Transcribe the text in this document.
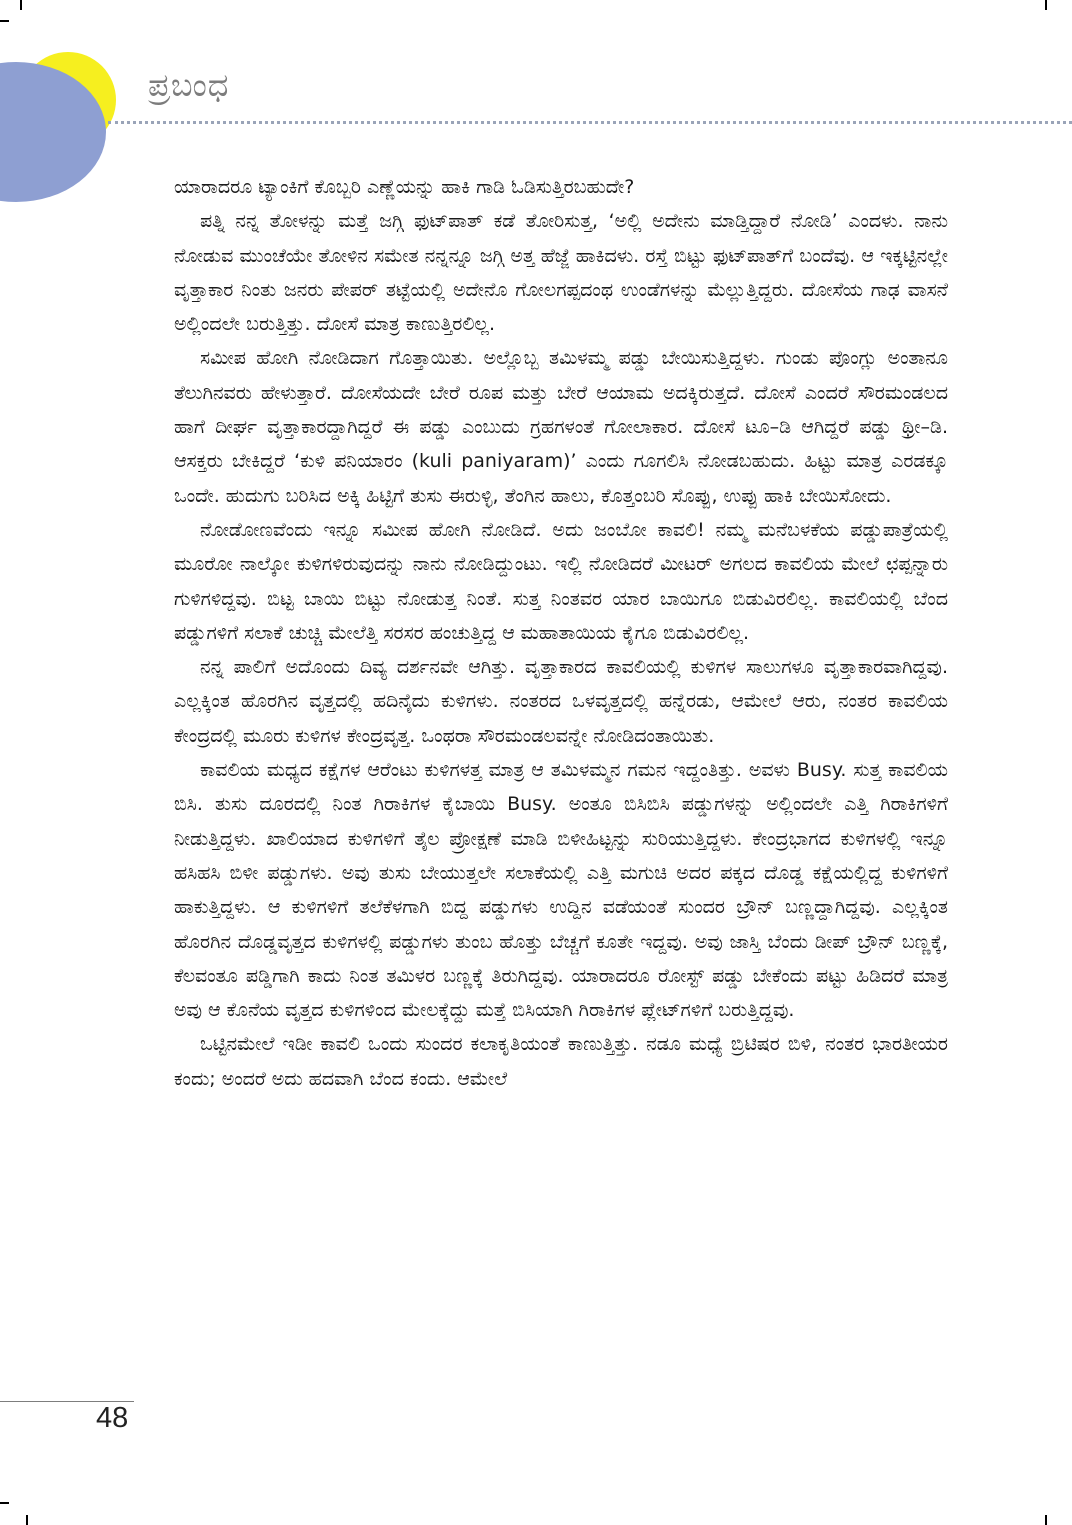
ಪ್ರಬಂಧ

ಯಾರಾದರೂ ಟ್ಯಾಂಕಿಗೆ ಕೊಬ್ಬರಿ ಎಣ್ಣೆಯನ್ನು ಹಾಕಿ ಗಾಡಿ ಓಡಿಸುತ್ತಿರಬಹುದೇ?

ಪತ್ನಿ ನನ್ನ ತೋಳನ್ನು ಮತ್ತೆ ಜಗ್ಗಿ ಫುಟ್‌ಪಾತ್ ಕಡೆ ತೋರಿಸುತ್ತ, ‘ಅಲ್ಲಿ ಅದೇನು ಮಾಡ್ತಿದ್ದಾರೆ ನೋಡಿ’ ಎಂದಳು. ನಾನು ನೋಡುವ ಮುಂಚೆಯೇ ತೋಳಿನ ಸಮೇತ ನನ್ನನ್ನೂ ಜಗ್ಗಿ ಅತ್ತ ಹೆಜ್ಜೆ ಹಾಕಿದಳು. ರಸ್ತೆ ಬಿಟ್ಟು ಫುಟ್‌ಪಾತ್‌ಗೆ ಬಂದೆವು. ಆ ಇಕ್ಕಟ್ಟಿನಲ್ಲೇ ವೃತ್ತಾಕಾರ ನಿಂತು ಜನರು ಪೇಪರ್ ತಟ್ಟೆಯಲ್ಲಿ ಅದೇನೊ ಗೋಲಗಪ್ಪದಂಥ ಉಂಡೆಗಳನ್ನು ಮೆಲ್ಲುತ್ತಿದ್ದರು. ದೋಸೆಯ ಗಾಢ ವಾಸನೆ ಅಲ್ಲಿಂದಲೇ ಬರುತ್ತಿತ್ತು. ದೋಸೆ ಮಾತ್ರ ಕಾಣುತ್ತಿರಲಿಲ್ಲ.

ಸಮೀಪ ಹೋಗಿ ನೋಡಿದಾಗ ಗೊತ್ತಾಯಿತು. ಅಲ್ಲೊಬ್ಬ ತಮಿಳಮ್ಮ ಪಡ್ಡು ಬೇಯಿಸುತ್ತಿದ್ದಳು. ಗುಂಡು ಪೊಂಗ್ಲು ಅಂತಾನೂ ತೆಲುಗಿನವರು ಹೇಳುತ್ತಾರೆ. ದೋಸೆಯದೇ ಬೇರೆ ರೂಪ ಮತ್ತು ಬೇರೆ ಆಯಾಮ ಅದಕ್ಕಿರುತ್ತದೆ. ದೋಸೆ ಎಂದರೆ ಸೌರಮಂಡಲದ ಹಾಗೆ ದೀರ್ಘ ವೃತ್ತಾಕಾರದ್ದಾಗಿದ್ದರೆ ಈ ಪಡ್ಡು ಎಂಬುದು ಗ್ರಹಗಳಂತೆ ಗೋಲಾಕಾರ. ದೋಸೆ ಟೂ–ಡಿ ಆಗಿದ್ದರೆ ಪಡ್ಡು ಥ್ರೀ–ಡಿ. ಆಸಕ್ತರು ಬೇಕಿದ್ದರೆ ‘ಕುಳಿ ಪನಿಯಾರಂ (kuli paniyaram)’ ಎಂದು ಗೂಗಲಿಸಿ ನೋಡಬಹುದು. ಹಿಟ್ಟು ಮಾತ್ರ ಎರಡಕ್ಕೂ ಒಂದೇ. ಹುದುಗು ಬರಿಸಿದ ಅಕ್ಕಿ ಹಿಟ್ಟಿಗೆ ತುಸು ಈರುಳ್ಳಿ, ತೆಂಗಿನ ಹಾಲು, ಕೊತ್ತಂಬರಿ ಸೊಪ್ಪು, ಉಪ್ಪು ಹಾಕಿ ಬೇಯಿಸೋದು.

ನೋಡೋಣವೆಂದು ಇನ್ನೂ ಸಮೀಪ ಹೋಗಿ ನೋಡಿದೆ. ಅದು ಜಂಬೋ ಕಾವಲಿ! ನಮ್ಮ ಮನೆಬಳಕೆಯ ಪಡ್ಡುಪಾತ್ರೆಯಲ್ಲಿ ಮೂರೋ ನಾಲ್ಕೋ ಕುಳಿಗಳಿರುವುದನ್ನು ನಾನು ನೋಡಿದ್ದುಂಟು. ಇಲ್ಲಿ ನೋಡಿದರೆ ಮೀಟರ್ ಅಗಲದ ಕಾವಲಿಯ ಮೇಲೆ ಛಪ್ಪನ್ನಾರು ಗುಳಿಗಳಿದ್ದವು. ಬಿಟ್ಟ ಬಾಯಿ ಬಿಟ್ಟು ನೋಡುತ್ತ ನಿಂತೆ. ಸುತ್ತ ನಿಂತವರ ಯಾರ ಬಾಯಿಗೂ ಬಿಡುವಿರಲಿಲ್ಲ. ಕಾವಲಿಯಲ್ಲಿ ಬೆಂದ ಪಡ್ಡುಗಳಿಗೆ ಸಲಾಕೆ ಚುಚ್ಚಿ ಮೇಲೆತ್ತಿ ಸರಸರ ಹಂಚುತ್ತಿದ್ದ ಆ ಮಹಾತಾಯಿಯ ಕೈಗೂ ಬಿಡುವಿರಲಿಲ್ಲ.

ನನ್ನ ಪಾಲಿಗೆ ಅದೊಂದು ದಿವ್ಯ ದರ್ಶನವೇ ಆಗಿತ್ತು. ವೃತ್ತಾಕಾರದ ಕಾವಲಿಯಲ್ಲಿ ಕುಳಿಗಳ ಸಾಲುಗಳೂ ವೃತ್ತಾಕಾರವಾಗಿದ್ದವು. ಎಲ್ಲಕ್ಕಿಂತ ಹೊರಗಿನ ವೃತ್ತದಲ್ಲಿ ಹದಿನೈದು ಕುಳಿಗಳು. ನಂತರದ ಒಳವೃತ್ತದಲ್ಲಿ ಹನ್ನೆರಡು, ಆಮೇಲೆ ಆರು, ನಂತರ ಕಾವಲಿಯ ಕೇಂದ್ರದಲ್ಲಿ ಮೂರು ಕುಳಿಗಳ ಕೇಂದ್ರವೃತ್ತ. ಒಂಥರಾ ಸೌರಮಂಡಲವನ್ನೇ ನೋಡಿದಂತಾಯಿತು.

ಕಾವಲಿಯ ಮಧ್ಯದ ಕಕ್ಷೆಗಳ ಆರೆಂಟು ಕುಳಿಗಳತ್ತ ಮಾತ್ರ ಆ ತಮಿಳಮ್ಮನ ಗಮನ ಇದ್ದಂತಿತ್ತು. ಅವಳು Busy. ಸುತ್ತ ಕಾವಲಿಯ ಬಿಸಿ. ತುಸು ದೂರದಲ್ಲಿ ನಿಂತ ಗಿರಾಕಿಗಳ ಕೈಬಾಯಿ Busy. ಅಂತೂ ಬಿಸಿಬಿಸಿ ಪಡ್ಡುಗಳನ್ನು ಅಲ್ಲಿಂದಲೇ ಎತ್ತಿ ಗಿರಾಕಿಗಳಿಗೆ ನೀಡುತ್ತಿದ್ದಳು. ಖಾಲಿಯಾದ ಕುಳಿಗಳಿಗೆ ತೈಲ ಪ್ರೋಕ್ಷಣೆ ಮಾಡಿ ಬಿಳೀಹಿಟ್ಟನ್ನು ಸುರಿಯುತ್ತಿದ್ದಳು. ಕೇಂದ್ರಭಾಗದ ಕುಳಿಗಳಲ್ಲಿ ಇನ್ನೂ ಹಸಿಹಸಿ ಬಿಳೀ ಪಡ್ಡುಗಳು. ಅವು ತುಸು ಬೇಯುತ್ತಲೇ ಸಲಾಕೆಯಲ್ಲಿ ಎತ್ತಿ ಮಗುಚಿ ಅದರ ಪಕ್ಕದ ದೊಡ್ಡ ಕಕ್ಷೆಯಲ್ಲಿದ್ದ ಕುಳಿಗಳಿಗೆ ಹಾಕುತ್ತಿದ್ದಳು. ಆ ಕುಳಿಗಳಿಗೆ ತಲೆಕೆಳಗಾಗಿ ಬಿದ್ದ ಪಡ್ಡುಗಳು ಉದ್ದಿನ ವಡೆಯಂತೆ ಸುಂದರ ಬ್ರೌನ್ ಬಣ್ಣದ್ದಾಗಿದ್ದವು. ಎಲ್ಲಕ್ಕಿಂತ ಹೊರಗಿನ ದೊಡ್ಡವೃತ್ತದ ಕುಳಿಗಳಲ್ಲಿ ಪಡ್ಡುಗಳು ತುಂಬ ಹೊತ್ತು ಬೆಚ್ಚಗೆ ಕೂತೇ ಇದ್ದವು. ಅವು ಜಾಸ್ತಿ ಬೆಂದು ಡೀಪ್ ಬ್ರೌನ್ ಬಣ್ಣಕ್ಕೆ, ಕೆಲವಂತೂ ಪಡ್ಡಿಗಾಗಿ ಕಾದು ನಿಂತ ತಮಿಳರ ಬಣ್ಣಕ್ಕೆ ತಿರುಗಿದ್ದವು. ಯಾರಾದರೂ ರೋಸ್ಟ್ ಪಡ್ಡು ಬೇಕೆಂದು ಪಟ್ಟು ಹಿಡಿದರೆ ಮಾತ್ರ ಅವು ಆ ಕೊನೆಯ ವೃತ್ತದ ಕುಳಿಗಳಿಂದ ಮೇಲಕ್ಕೆದ್ದು ಮತ್ತೆ ಬಿಸಿಯಾಗಿ ಗಿರಾಕಿಗಳ ಪ್ಲೇಟ್‌ಗಳಿಗೆ ಬರುತ್ತಿದ್ದವು.

ಒಟ್ಟಿನಮೇಲೆ ಇಡೀ ಕಾವಲಿ ಒಂದು ಸುಂದರ ಕಲಾಕೃತಿಯಂತೆ ಕಾಣುತ್ತಿತ್ತು. ನಡೂ ಮಧ್ಯೆ ಬ್ರಿಟಿಷರ ಬಿಳಿ, ನಂತರ ಭಾರತೀಯರ ಕಂದು; ಅಂದರೆ ಅದು ಹದವಾಗಿ ಬೆಂದ ಕಂದು. ಆಮೇಲೆ

48
